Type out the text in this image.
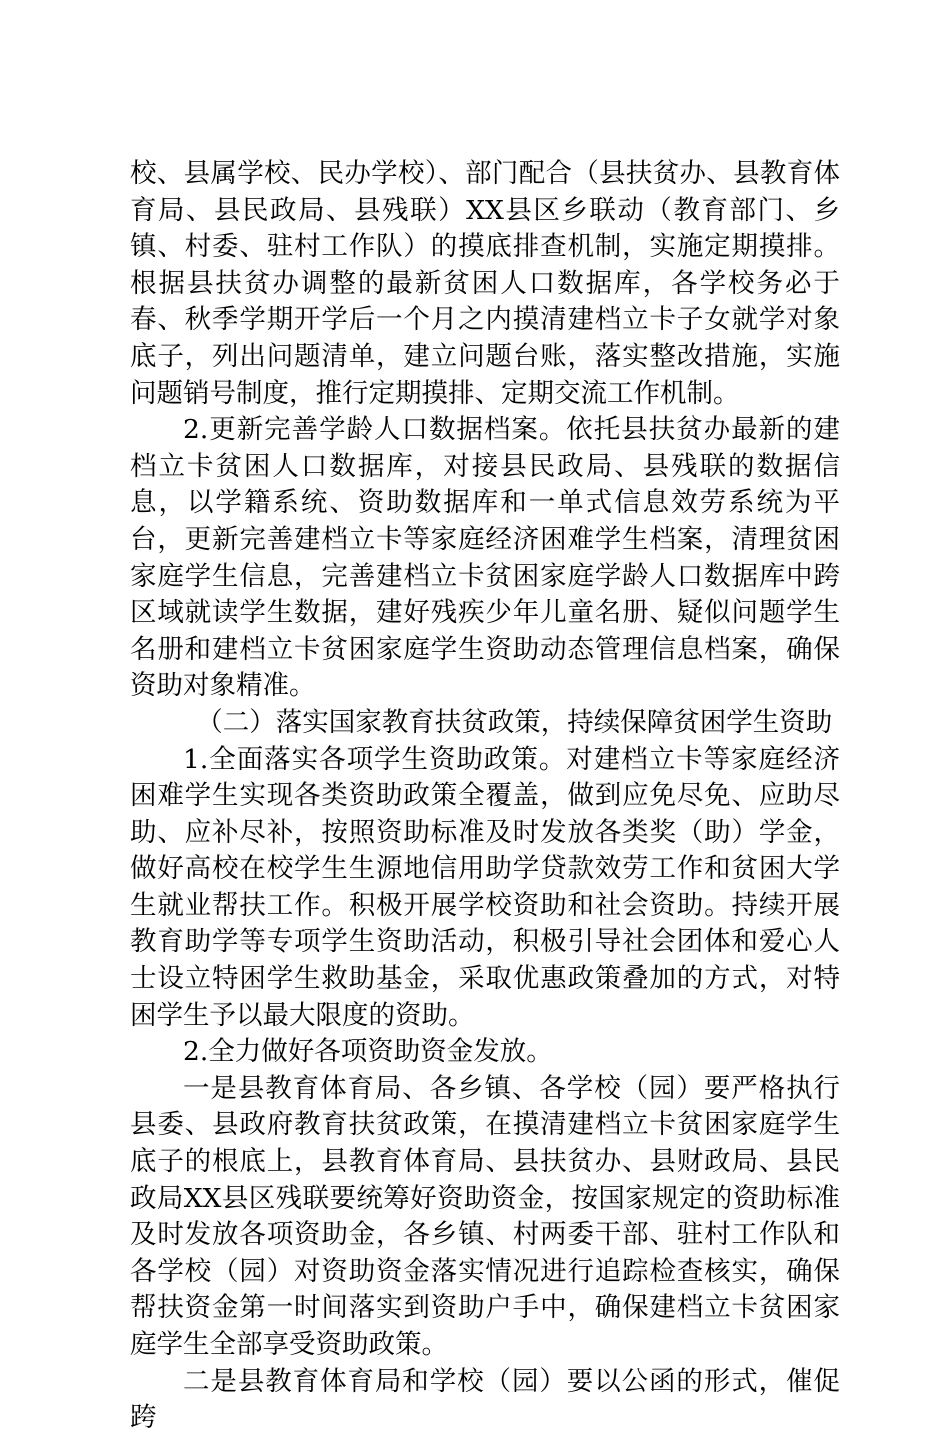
校、县属学校、民办学校）、部门配合（县扶贫办、县教育体育局、县民政局、县残联）XX县区乡联动（教育部门、乡镇、村委、驻村工作队）的摸底排查机制，实施定期摸排。根据县扶贫办调整的最新贫困人口数据库，各学校务必于春、秋季学期开学后一个月之内摸清建档立卡子女就学对象底子，列出问题清单，建立问题台账，落实整改措施，实施问题销号制度，推行定期摸排、定期交流工作机制。

2.更新完善学龄人口数据档案。依托县扶贫办最新的建档立卡贫困人口数据库，对接县民政局、县残联的数据信息，以学籍系统、资助数据库和一单式信息效劳系统为平台，更新完善建档立卡等家庭经济困难学生档案，清理贫困家庭学生信息，完善建档立卡贫困家庭学龄人口数据库中跨区域就读学生数据，建好残疾少年儿童名册、疑似问题学生名册和建档立卡贫困家庭学生资助动态管理信息档案，确保资助对象精准。

（二）落实国家教育扶贫政策，持续保障贫困学生资助

1.全面落实各项学生资助政策。对建档立卡等家庭经济困难学生实现各类资助政策全覆盖，做到应免尽免、应助尽助、应补尽补，按照资助标准及时发放各类奖（助）学金，做好高校在校学生生源地信用助学贷款效劳工作和贫困大学生就业帮扶工作。积极开展学校资助和社会资助。持续开展教育助学等专项学生资助活动，积极引导社会团体和爱心人士设立特困学生救助基金，采取优惠政策叠加的方式，对特困学生予以最大限度的资助。

2.全力做好各项资助资金发放。

一是县教育体育局、各乡镇、各学校（园）要严格执行县委、县政府教育扶贫政策，在摸清建档立卡贫困家庭学生底子的根底上，县教育体育局、县扶贫办、县财政局、县民政局XX县区残联要统筹好资助资金，按国家规定的资助标准及时发放各项资助金，各乡镇、村两委干部、驻村工作队和各学校（园）对资助资金落实情况进行追踪检查核实，确保帮扶资金第一时间落实到资助户手中，确保建档立卡贫困家庭学生全部享受资助政策。

二是县教育体育局和学校（园）要以公函的形式，催促跨
